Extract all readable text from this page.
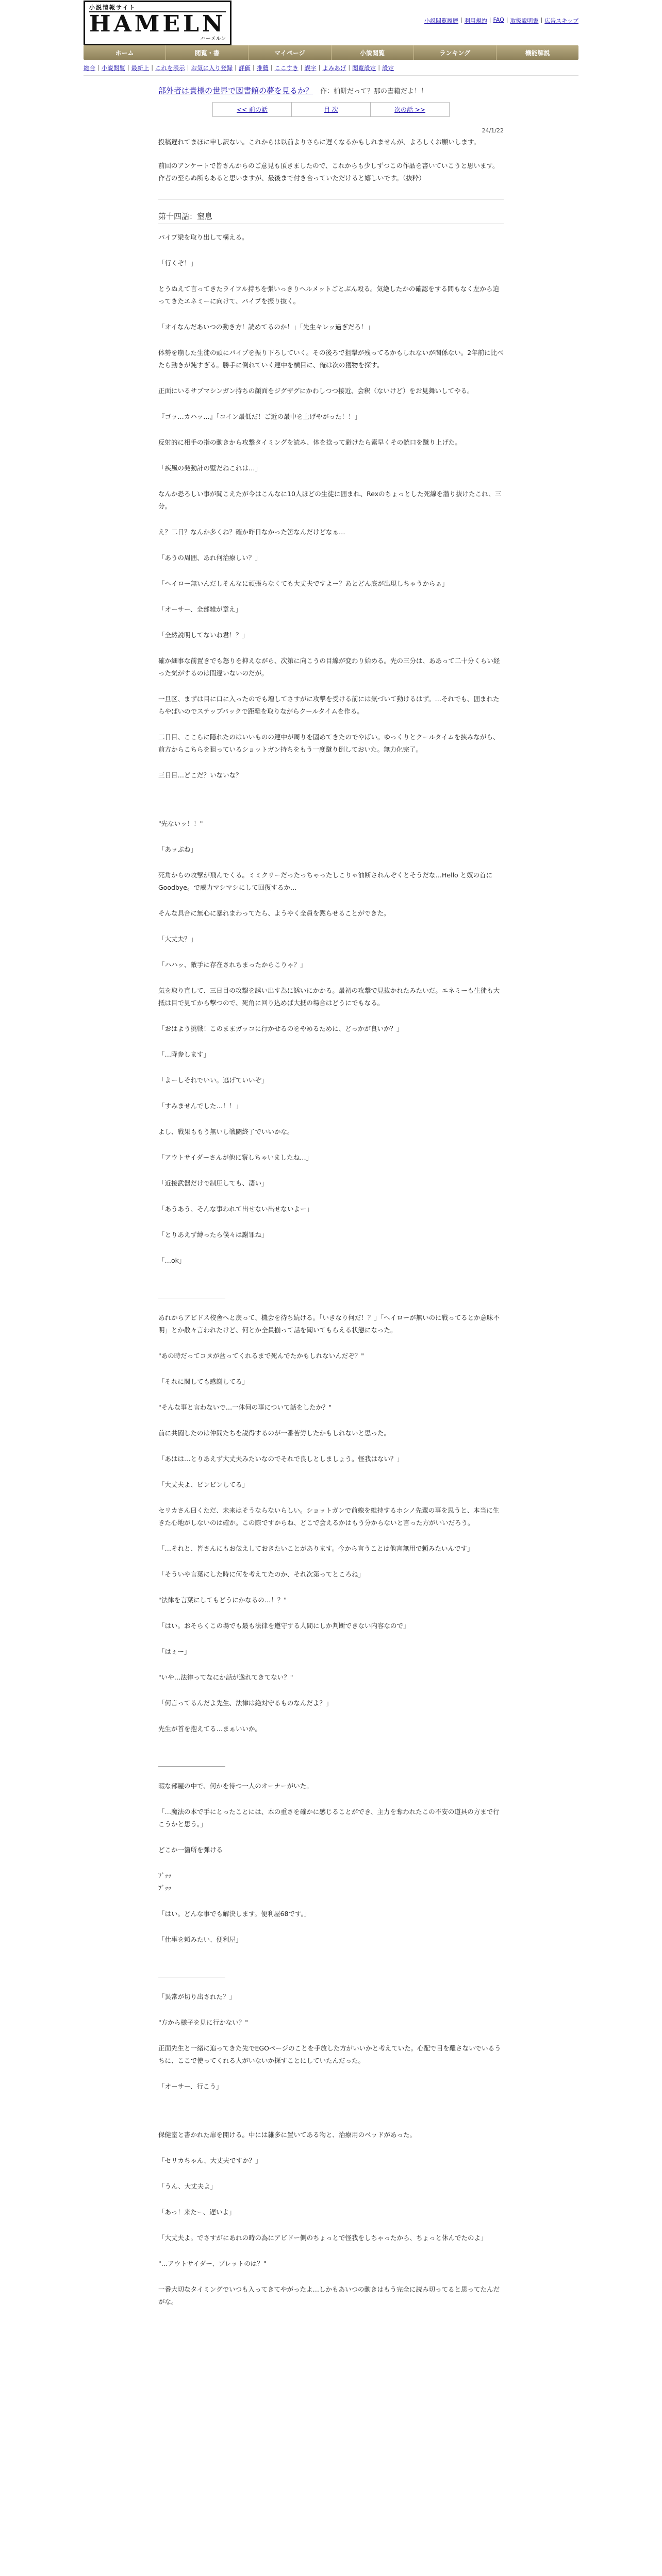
小説情報サイト
HAMELN
ハーメルン
小説閲覧履歴 | 利用規約 | FAQ | 取扱説明書 | 広告スキップ
ホーム	閲覧・書	マイページ	小説閲覧	ランキング	機能解説
総合 | 小説閲覧 | 最新上 | これを表示 | お気に入り登録 | 評価 | 推薦 | ここすき | 誤字 | よみあげ | 閲覧設定 | 設定
部外者は貴様の世界で図書館の夢を見るか？ 作：柏餅だって？那の書籍だよ！！
<< 前の話	目 次	次の話 >>
24/1/22

投稿遅れてまほに申し訳ない。これからは以前よりさらに遅くなるかもしれませんが、よろしくお願いします。

前回のアンケートで皆さんからのご意見も頂きましたので、これからも少しずつこの作品を書いていこうと思います。作者の至らぬ所もあると思いますが、最後まで付き合っていただけると嬉しいです。（抜粋）

第十四話：窒息

パイプ梁を取り出して構える。

「行くぞ！」

とうぬえて言ってきたライフル持ちを張いっきりヘルメットごとぶん殴る。気絶したかの確認をする間もなく左から迫ってきたエネミーに向けて、パイプを振り抜く。

「オイなんだあいつの動き方！読めてるのか！」「先生キレッ過ぎだろ！」

体勢を崩した生徒の頭にパイプを振り下ろしていく。その後ろで狙撃が残ってるかもしれないが関係ない。2年前に比べたら動きが鈍すぎる。勝手に倒れていく連中を横目に、俺は次の獲物を探す。

正面にいるサブマシンガン持ちの顔面をジグザグにかわしつつ接近、会釈（ないけど）をお見舞いしてやる。

『ゴッ…カハッ…』「コイン最低だ！ご近の最中を上げやがった！！」

反射的に相手の指の動きから攻撃タイミングを読み、体を捻って避けたら素早くその銃口を蹴り上げた。

「疾風の発動計の壁だねこれは…」

なんか恐ろしい事が聞こえたが今はこんなに10人ほどの生徒に囲まれ、Rexのちょっとした死線を潜り抜けたこれ、三分。

え？二日？なんか多くね？確か昨日なかった筈なんだけどなぁ…

「あうの周囲、あれ何治療しい？」

「ヘイロー無いんだしそんなに頑張らなくても大丈夫ですよー？あとどん底が出現しちゃうからぁ」

「オーサー、全部雑が章え」

「全然説明してないね君！？」

確か細事な前置きでも怒りを抑えながら、次第に向こうの目線が変わり始める。先の三分は、ああって二十分くらい経った気がするのは間違いないのだが。

一旦区、まずは目に口に入ったのでも増してさすがに攻撃を受ける前には気づいて動けるはず。…それでも、囲まれたらやばいのでステップバックで距離を取りながらクールタイムを作る。

二日目、ここらに隠れたのはいいものの連中が周りを固めてきたのでやばい。ゆっくりとクールタイムを挟みながら、前方からこちらを狙っているショットガン持ちをもう一度蹴り倒しておいた。無力化完了。

三日目…どこだ？いないな？

"先ないッ！！"

「あッぶね」

死角からの攻撃が飛んでくる。ミミクリーだったっちゃったしこりゃ油断されんぞくとそうだな…Hello と奴の首にGoodbye。で威力マシマシにして回復するか…

そんな具合に無心に暴れまわってたら、ようやく全員を黙らせることができた。

「大丈夫？」

「ハハッ、敵手に存在されちまったからこりゃ？」

気を取り直して、三日目の攻撃を誘い出す為に誘いにかかる。最初の攻撃で見抜かれたみたいだ。エネミーも生徒も大抵は目で見てから撃つので、死角に回り込めば大抵の場合はどうにでもなる。

「おはよう挑戦！このままガッコに行かせるのをやめるために、どっかが良いか？」

「…降参します」

「よーしそれでいい。逃げていいぞ」

「すみませんでした…！！」

よし、戦果ももう無いし戦闘終了でいいかな。

「アウトサイダーさんが他に察しちゃいましたね…」

「近接武器だけで制圧しても、凄い」

「あうあう、そんな事われて出せない出せないよー」

「とりあえず縛ったら僕々は謝罪ね」

「…ok」

あれからアビドス校舎へと戻って、機会を待ち続ける。「いきなり何だ！？」「ヘイローが無いのに戦ってるとか意味不明」とか散々言われたけど、何とか全員揃って話を聞いてもらえる状態になった。

"あの時だってコヌが盆ってくれるまで死んでたかもしれないんだぞ？"

「それに関しても感謝してる」

"そんな事と言わないで…一体何の事について話をしたか？"

前に共闘したのは仲間たちを説得するのが一番苦労したかもしれないと思った。

「あはは…とりあえず大丈夫みたいなのでそれで良しとしましょう。怪我はない？」

「大丈夫よ、ビンビンしてる」

セリカさん曰くただ、未来はそうならないらしい。ショットガンで前線を維持するホシノ先輩の事を思うと、本当に生きた心地がしないのは確か。この際ですからね、どこで会えるかはもう分からないと言った方がいいだろう。

「…それと、皆さんにもお伝えしておきたいことがあります。今から言うことは他言無用で頼みたいんです」

「そういや言葉にした時に何を考えてたのか、それ次第ってところね」

"法律を言葉にしてもどうにかなるの…！？"

「はい。おそらくこの場でも最も法律を遵守する人間にしか判断できない内容なので」

「はぇー」

"いや…法律ってなにか話が逸れてきてない？"

「何言ってるんだよ先生、法律は絶対守るものなんだよ？」

先生が首を抱えてる…まぁいいか。

暇な部屋の中で、何かを待つ一人のオーナーがいた。

「…魔法の本で手にとったことには、本の重さを確かに感じることができ、主力を奪われたこの不安の道具の方まで行こうかと思う。」

どこか一箇所を弾ける

ﾌﾞｯｯ
ﾌﾞｯｯ

「はい。どんな事でも解決します。便利屋68です。」

「仕事を頼みたい、便利屋」

「異常が切り出された？」

"方から様子を見に行かない？"

正面先生と一緒に追ってきた先でEGOページのことを手放した方がいいかと考えていた。心配で目を離さないでいるうちに、ここで使ってくれる人がいないか探すことにしていたんだった。

「オーサー、行こう」

保健室と書かれた扉を開ける。中には雑多に置いてある物と、治療用のベッドがあった。

「セリカちゃん、大丈夫ですか？」

「うん、大丈夫よ」

「あっ！来たー、遅いよ」

「大丈夫よ。でさすがにあれの時の為にアビドー側のちょっとで怪我をしちゃったから、ちょっと休んでたのよ」

"…アウトサイダー、ブレットのは？"

一番大切なタイミングでいつも入ってきてやがったよ…しかもあいつの動きはもう完全に読み切ってると思ってたんだがな。
